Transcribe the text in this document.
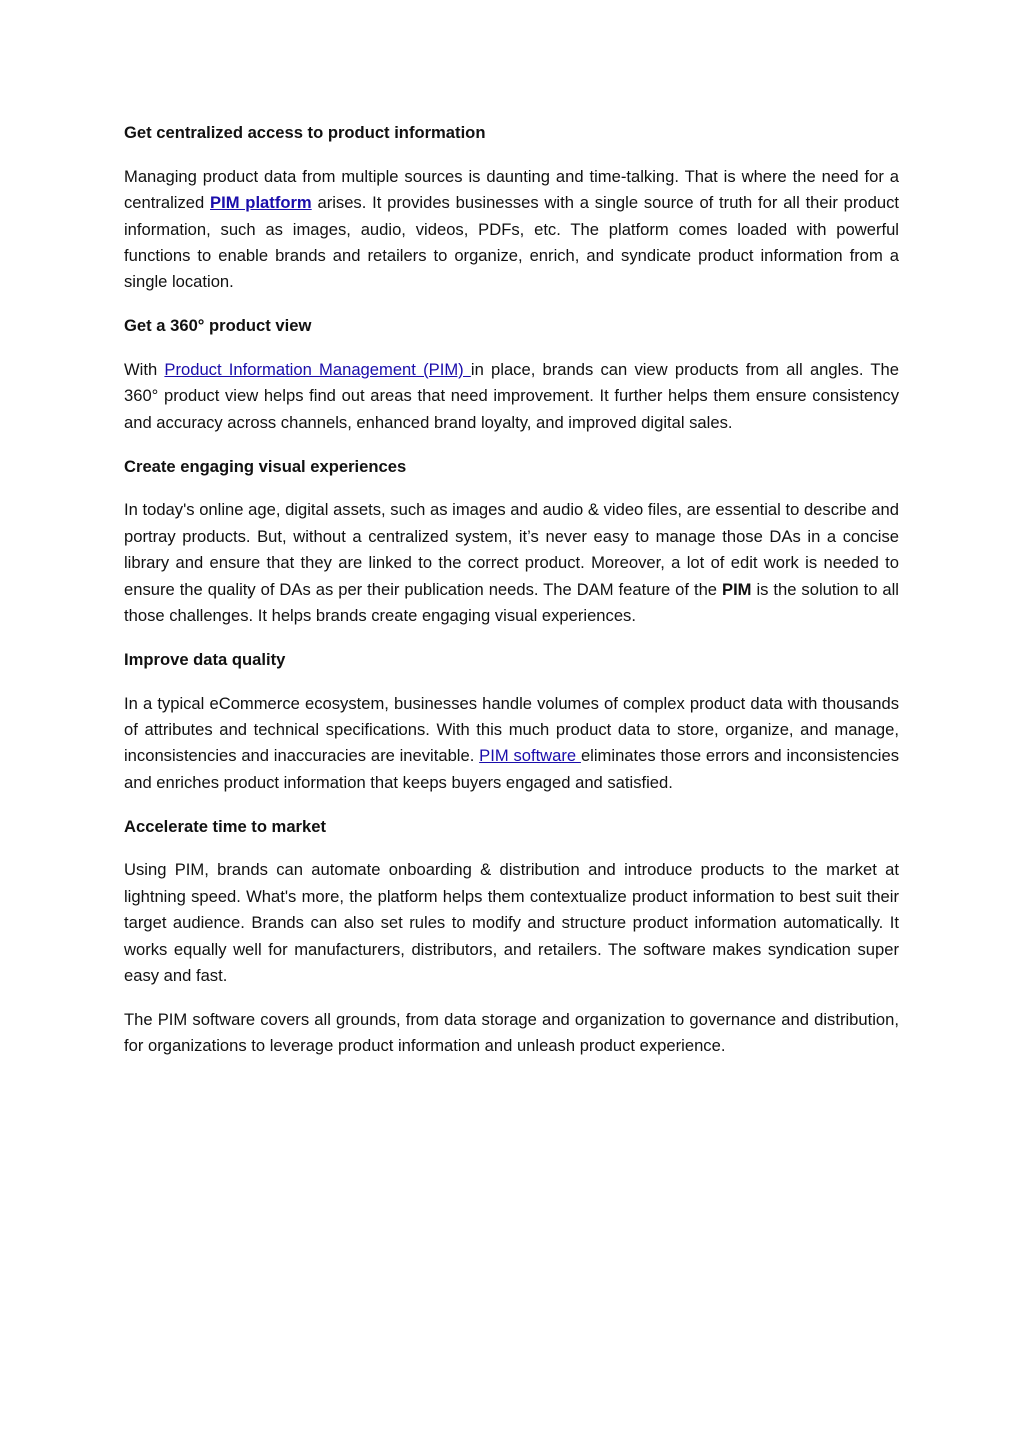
Get centralized access to product information
Managing product data from multiple sources is daunting and time-talking. That is where the need for a centralized PIM platform arises. It provides businesses with a single source of truth for all their product information, such as images, audio, videos, PDFs, etc. The platform comes loaded with powerful functions to enable brands and retailers to organize, enrich, and syndicate product information from a single location.
Get a 360° product view
With Product Information Management (PIM) in place, brands can view products from all angles. The 360° product view helps find out areas that need improvement. It further helps them ensure consistency and accuracy across channels, enhanced brand loyalty, and improved digital sales.
Create engaging visual experiences
In today's online age, digital assets, such as images and audio & video files, are essential to describe and portray products. But, without a centralized system, it’s never easy to manage those DAs in a concise library and ensure that they are linked to the correct product. Moreover, a lot of edit work is needed to ensure the quality of DAs as per their publication needs. The DAM feature of the PIM is the solution to all those challenges. It helps brands create engaging visual experiences.
Improve data quality
In a typical eCommerce ecosystem, businesses handle volumes of complex product data with thousands of attributes and technical specifications. With this much product data to store, organize, and manage, inconsistencies and inaccuracies are inevitable. PIM software eliminates those errors and inconsistencies and enriches product information that keeps buyers engaged and satisfied.
Accelerate time to market
Using PIM, brands can automate onboarding & distribution and introduce products to the market at lightning speed. What's more, the platform helps them contextualize product information to best suit their target audience. Brands can also set rules to modify and structure product information automatically. It works equally well for manufacturers, distributors, and retailers. The software makes syndication super easy and fast.
The PIM software covers all grounds, from data storage and organization to governance and distribution, for organizations to leverage product information and unleash product experience.
